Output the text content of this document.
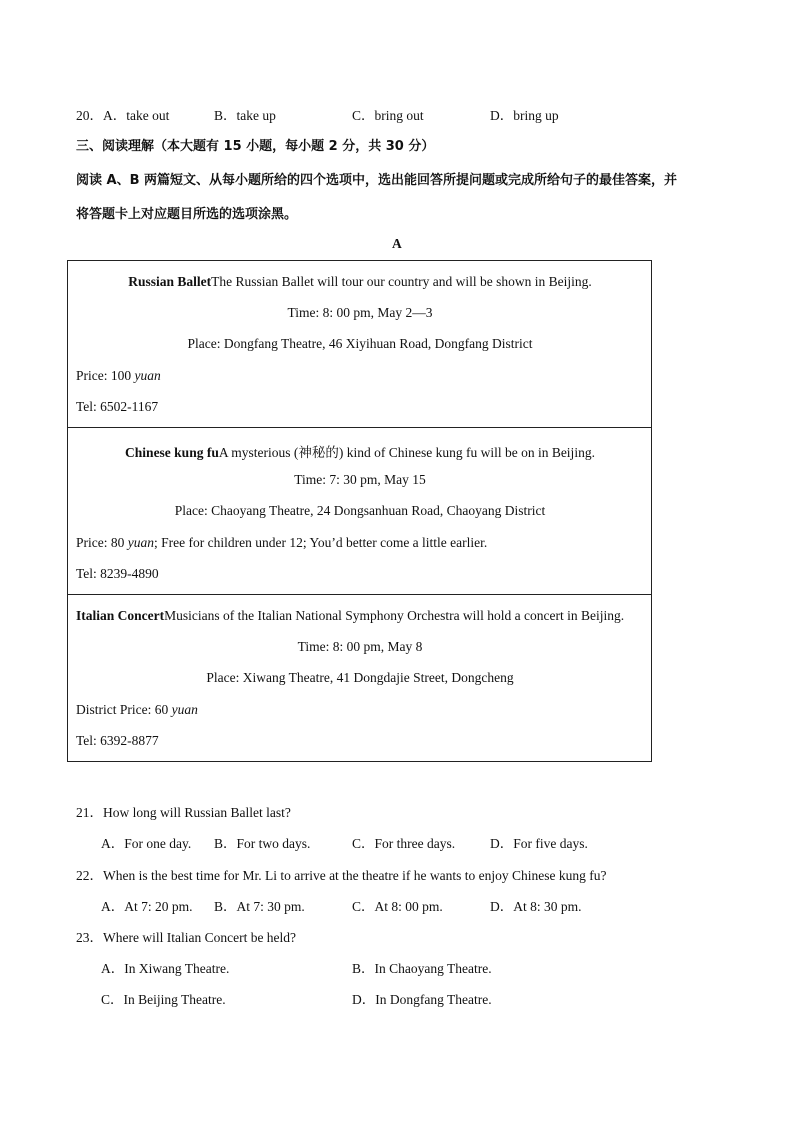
20．A．take out	B．take up	C．bring out	D．bring up
三、阅读理解（本大题有 15 小题，每小题 2 分，共 30 分）
阅读 A、B 两篇短文、从每小题所给的四个选项中，选出能回答所提问题或完成所给句子的最佳答案，并
将答题卡上对应题目所选的选项涂黑。
A
Russian BalletThe Russian Ballet will tour our country and will be shown in Beijing.
Time: 8: 00 pm, May 2—3
Place: Dongfang Theatre, 46 Xiyihuan Road, Dongfang District
Price: 100 yuan
Tel: 6502-1167
Chinese kung fuA mysterious (神秘的) kind of Chinese kung fu will be on in Beijing.
Time: 7: 30 pm, May 15
Place: Chaoyang Theatre, 24 Dongsanhuan Road, Chaoyang District
Price: 80 yuan; Free for children under 12; You’d better come a little earlier.
Tel: 8239-4890
Italian ConcertMusicians of the Italian National Symphony Orchestra will hold a concert in Beijing.
Time: 8: 00 pm, May 8
Place: Xiwang Theatre, 41 Dongdajie Street, Dongcheng
District Price: 60 yuan
Tel: 6392-8877
21．How long will Russian Ballet last?
A．For one day. B．For two days.	C．For three days.	D．For five days.
22．When is the best time for Mr. Li to arrive at the theatre if he wants to enjoy Chinese kung fu?
A．At 7: 20 pm. B．At 7: 30 pm.	C．At 8: 00 pm.	D．At 8: 30 pm.
23．Where will Italian Concert be held?
A．In Xiwang Theatre.	B．In Chaoyang Theatre.
C．In Beijing Theatre.	D．In Dongfang Theatre.
